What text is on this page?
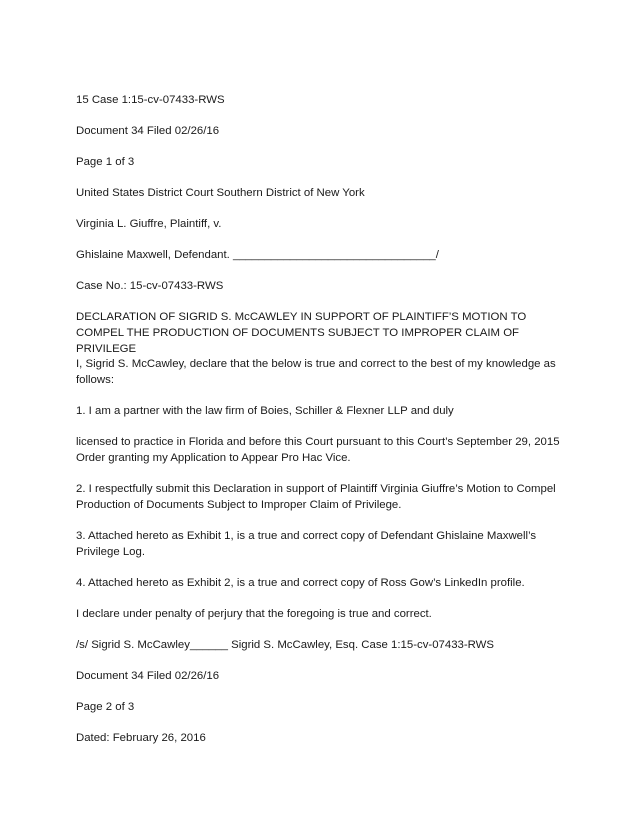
15 Case 1:15-cv-07433-RWS

Document 34 Filed 02/26/16

Page 1 of 3

United States District Court Southern District of New York

Virginia L. Giuffre, Plaintiff, v.

Ghislaine Maxwell, Defendant. ________________________________/

Case No.: 15-cv-07433-RWS

DECLARATION OF SIGRID S. McCAWLEY IN SUPPORT OF PLAINTIFF’S MOTION TO COMPEL THE PRODUCTION OF DOCUMENTS SUBJECT TO IMPROPER CLAIM OF PRIVILEGE

I, Sigrid S. McCawley, declare that the below is true and correct to the best of my knowledge as follows:

1. I am a partner with the law firm of Boies, Schiller & Flexner LLP and duly

licensed to practice in Florida and before this Court pursuant to this Court’s September 29, 2015 Order granting my Application to Appear Pro Hac Vice.

2. I respectfully submit this Declaration in support of Plaintiff Virginia Giuffre’s Motion to Compel Production of Documents Subject to Improper Claim of Privilege.

3. Attached hereto as Exhibit 1, is a true and correct copy of Defendant Ghislaine Maxwell’s Privilege Log.

4. Attached hereto as Exhibit 2, is a true and correct copy of Ross Gow’s LinkedIn profile.

I declare under penalty of perjury that the foregoing is true and correct.

/s/ Sigrid S. McCawley______ Sigrid S. McCawley, Esq. Case 1:15-cv-07433-RWS

Document 34 Filed 02/26/16

Page 2 of 3

Dated: February 26, 2016
